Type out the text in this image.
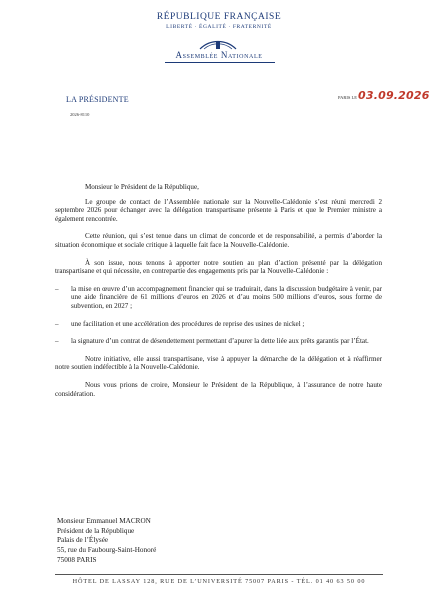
RÉPUBLIQUE FRANÇAISE
LIBERTÉ · ÉGALITÉ · FRATERNITÉ
Assemblée Nationale
LA PRÉSIDENTE
2026-8110
PARIS LE 03.09.2026

Monsieur le Président de la République,

Le groupe de contact de l’Assemblée nationale sur la Nouvelle-Calédonie s’est réuni mercredi 2 septembre 2026 pour échanger avec la délégation transpartisane présente à Paris et que le Premier ministre a également rencontrée.

Cette réunion, qui s’est tenue dans un climat de concorde et de responsabilité, a permis d’aborder la situation économique et sociale critique à laquelle fait face la Nouvelle-Calédonie.

À son issue, nous tenons à apporter notre soutien au plan d’action présenté par la délégation transpartisane et qui nécessite, en contrepartie des engagements pris par la Nouvelle-Calédonie :

–	la mise en œuvre d’un accompagnement financier qui se traduirait, dans la discussion budgétaire à venir, par une aide financière de 61 millions d’euros en 2026 et d’au moins 500 millions d’euros, sous forme de subvention, en 2027 ;
–	une facilitation et une accélération des procédures de reprise des usines de nickel ;
–	la signature d’un contrat de désendettement permettant d’apurer la dette liée aux prêts garantis par l’État.

Notre initiative, elle aussi transpartisane, vise à appuyer la démarche de la délégation et à réaffirmer notre soutien indéfectible à la Nouvelle-Calédonie.

Nous vous prions de croire, Monsieur le Président de la République, à l’assurance de notre haute considération.

Monsieur Emmanuel MACRON
Président de la République
Palais de l’Élysée
55, rue du Faubourg-Saint-Honoré
75008 PARIS
HÔTEL DE LASSAY 128, RUE DE L’UNIVERSITÉ 75007 PARIS - TÉL. 01 40 63 50 00
